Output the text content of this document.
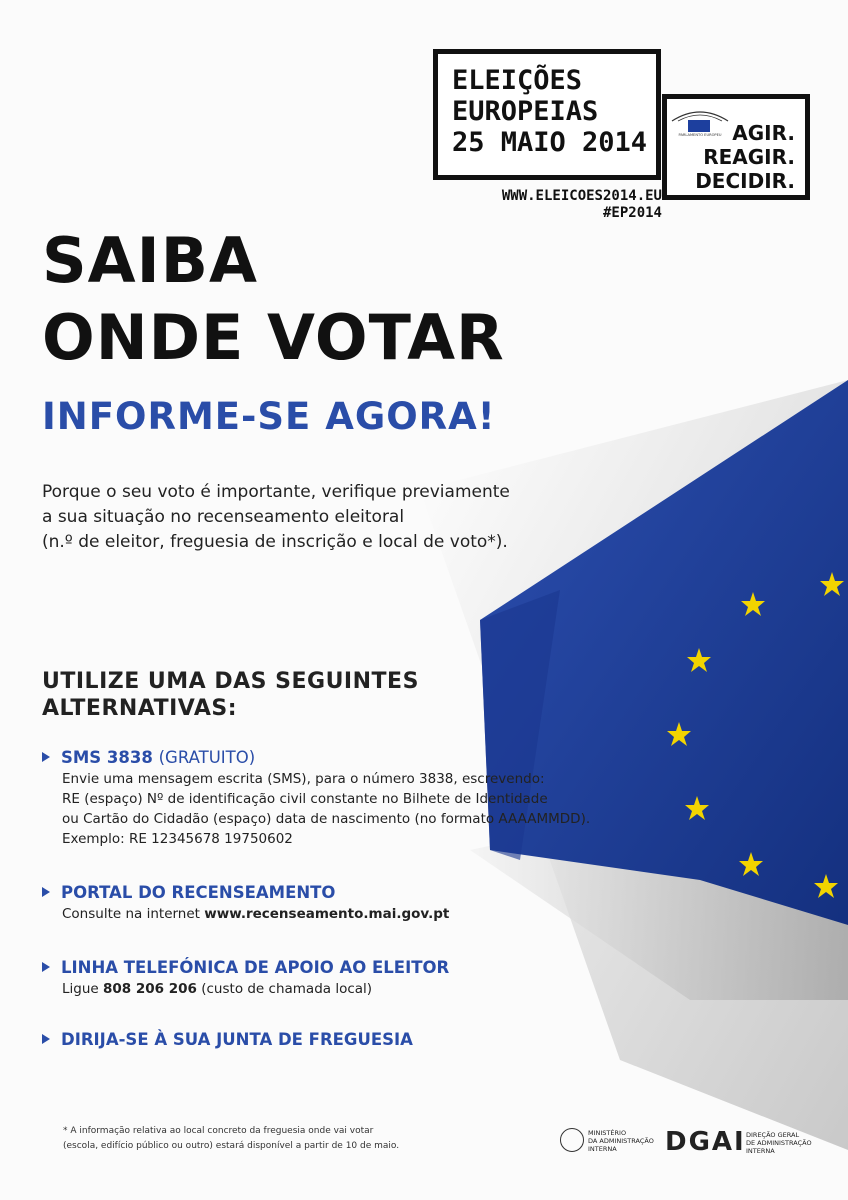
AGIR.
REAGIR.
DECIDIR.
ELEIÇÕES
EUROPEIAS
25 MAIO 2014	PARLAMENTO EUROPEU
WWW.ELEICOES2014.EU
#EP2014
SAIBA
ONDE VOTAR
INFORME-SE AGORA!
Porque o seu voto é importante, verifique previamente
a sua situação no recenseamento eleitoral
(n.º de eleitor, freguesia de inscrição e local de voto*).
UTILIZE UMA DAS SEGUINTES
ALTERNATIVAS:
SMS 3838 (GRATUITO)
Envie uma mensagem escrita (SMS), para o número 3838, escrevendo:
RE (espaço) Nº de identificação civil constante no Bilhete de Identidade
ou Cartão do Cidadão (espaço) data de nascimento (no formato AAAAMMDD).
Exemplo: RE 12345678 19750602
PORTAL DO RECENSEAMENTO
Consulte na internet www.recenseamento.mai.gov.pt
LINHA TELEFÓNICA DE APOIO AO ELEITOR
Ligue 808 206 206 (custo de chamada local)
DIRIJA-SE À SUA JUNTA DE FREGUESIA
* A informação relativa ao local concreto da freguesia onde vai votar
(escola, edifício público ou outro) estará disponível a partir de 10 de maio.
MINISTÉRIO
DA ADMINISTRAÇÃO
INTERNA	DGAI DIREÇÃO GERAL
DE ADMINISTRAÇÃO
INTERNA
